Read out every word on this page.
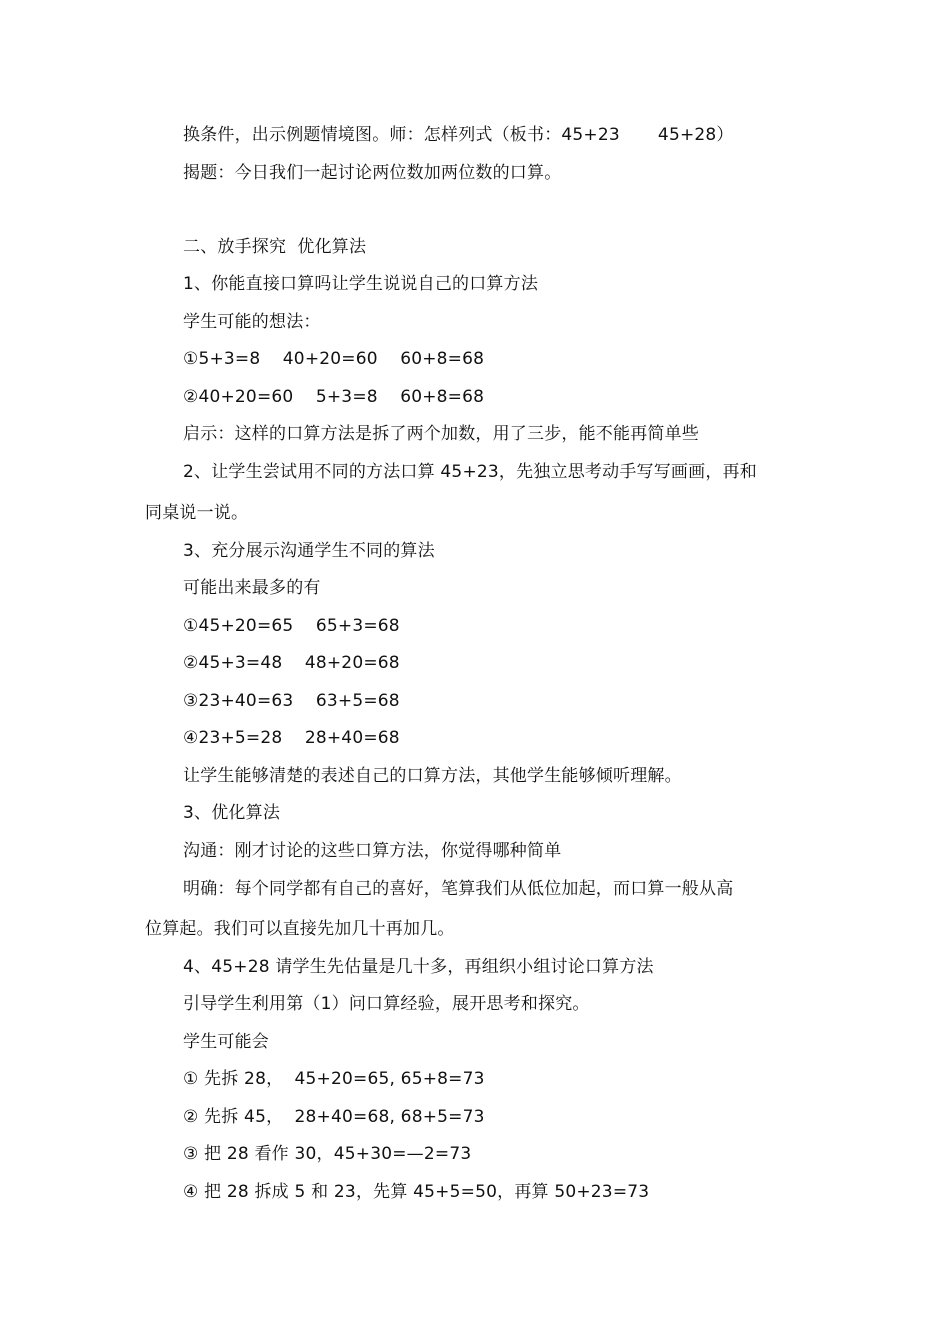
换条件，出示例题情境图。师：怎样列式（板书：45+23 45+28）
揭题：今日我们一起讨论两位数加两位数的口算。
二、放手探究  优化算法
1、你能直接口算吗让学生说说自己的口算方法
学生可能的想法：
①5+3=8    40+20=60    60+8=68
②40+20=60    5+3=8    60+8=68
启示：这样的口算方法是拆了两个加数，用了三步，能不能再简单些
2、让学生尝试用不同的方法口算 45+23，先独立思考动手写写画画，再和
同桌说一说。
3、充分展示沟通学生不同的算法
可能出来最多的有
①45+20=65    65+3=68
②45+3=48    48+20=68
③23+40=63    63+5=68
④23+5=28    28+40=68
让学生能够清楚的表述自己的口算方法，其他学生能够倾听理解。
3、优化算法
沟通：刚才讨论的这些口算方法，你觉得哪种简单
明确：每个同学都有自己的喜好，笔算我们从低位加起，而口算一般从高
位算起。我们可以直接先加几十再加几。
4、45+28 请学生先估量是几十多，再组织小组讨论口算方法
引导学生利用第（1）问口算经验，展开思考和探究。
学生可能会
① 先拆 28，  45+20=65, 65+8=73
② 先拆 45，  28+40=68, 68+5=73
③ 把 28 看作 30，45+30=—2=73
④ 把 28 拆成 5 和 23，先算 45+5=50，再算 50+23=73
